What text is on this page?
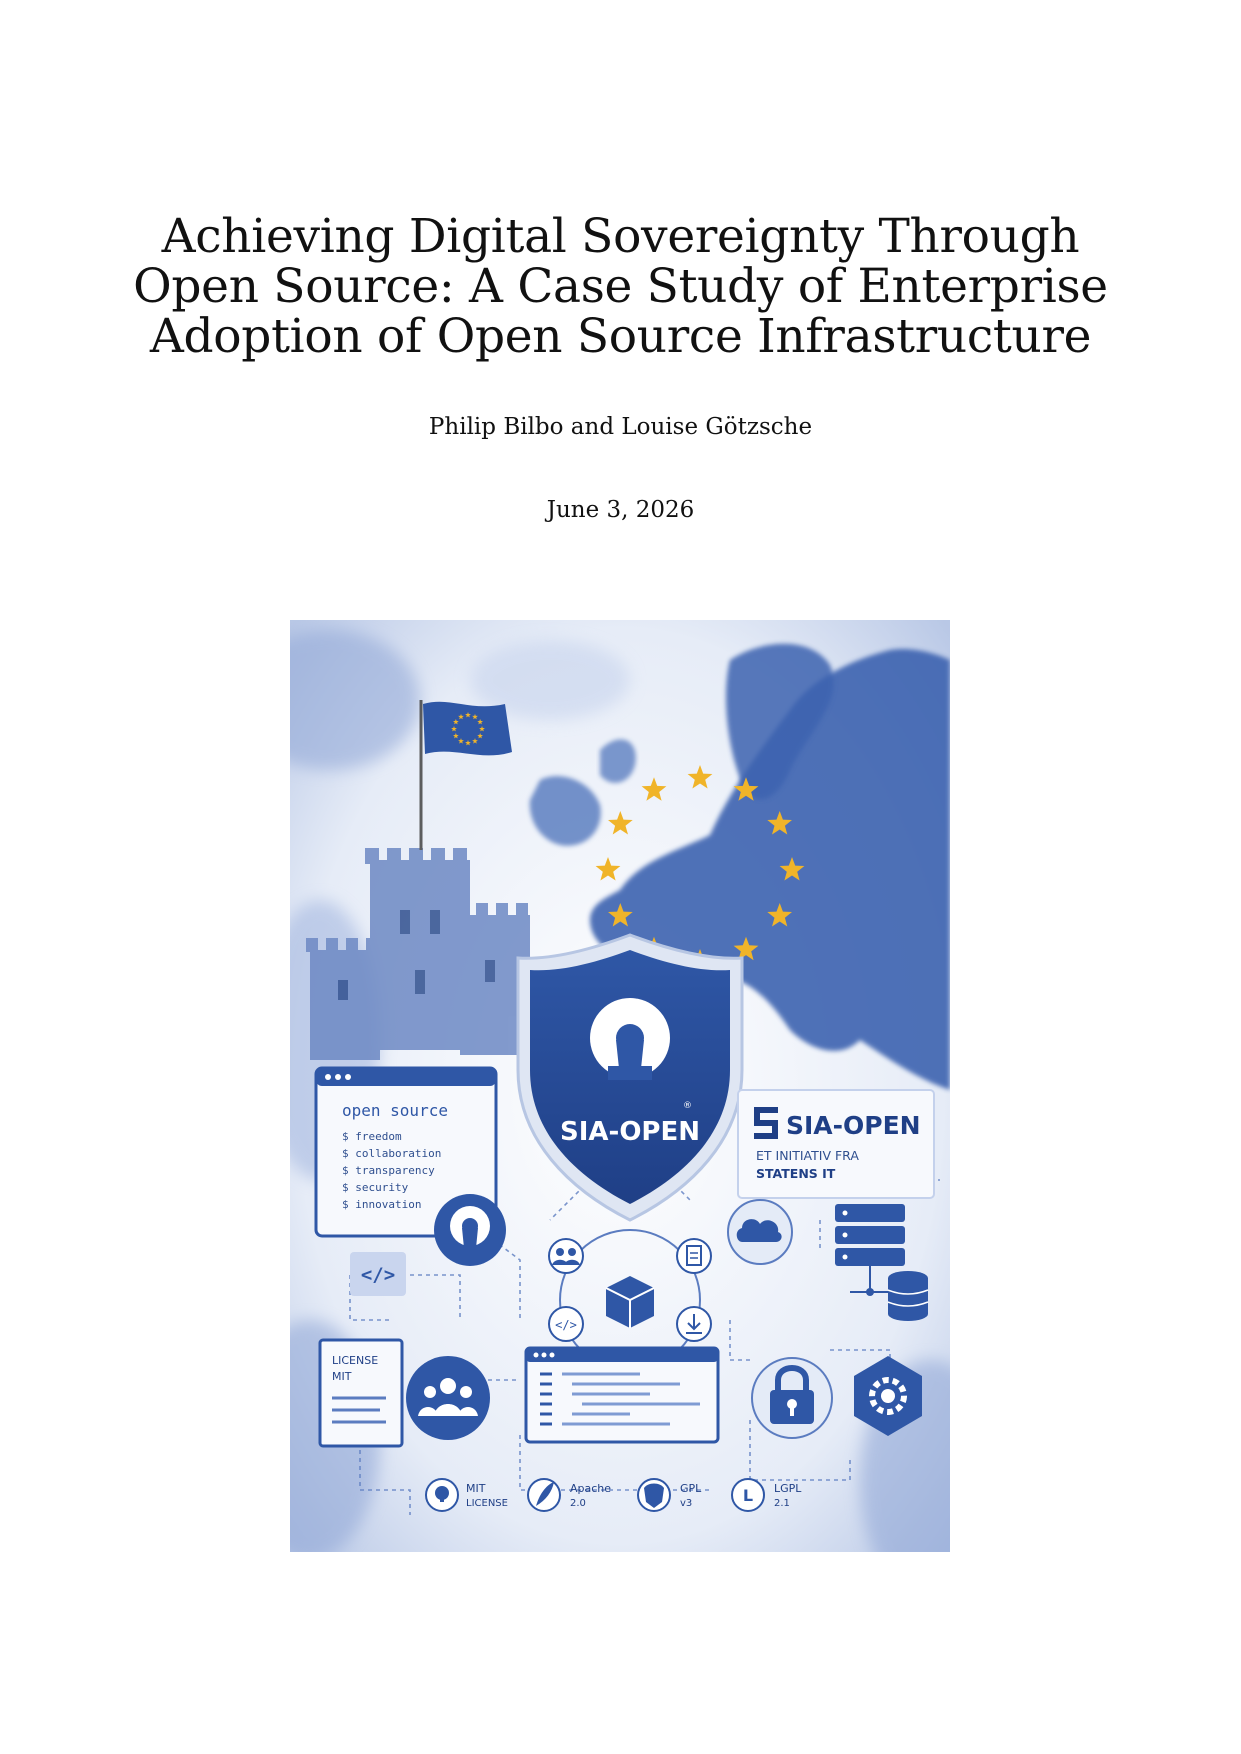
Achieving Digital Sovereignty Through Open Source: A Case Study of Enterprise Adoption of Open Source Infrastructure
Philip Bilbo and Louise Götzsche
June 3, 2026
open source
$ freedom
$ collaboration
$ transparency
$ security
$ innovation
SIA-OPEN
®
SIA-OPEN
ET INITIATIV FRA
STATENS IT
</>
</>
LICENSE
MIT
MIT
LICENSE
Apache
2.0
GPL
v3	L LGPL
2.1
